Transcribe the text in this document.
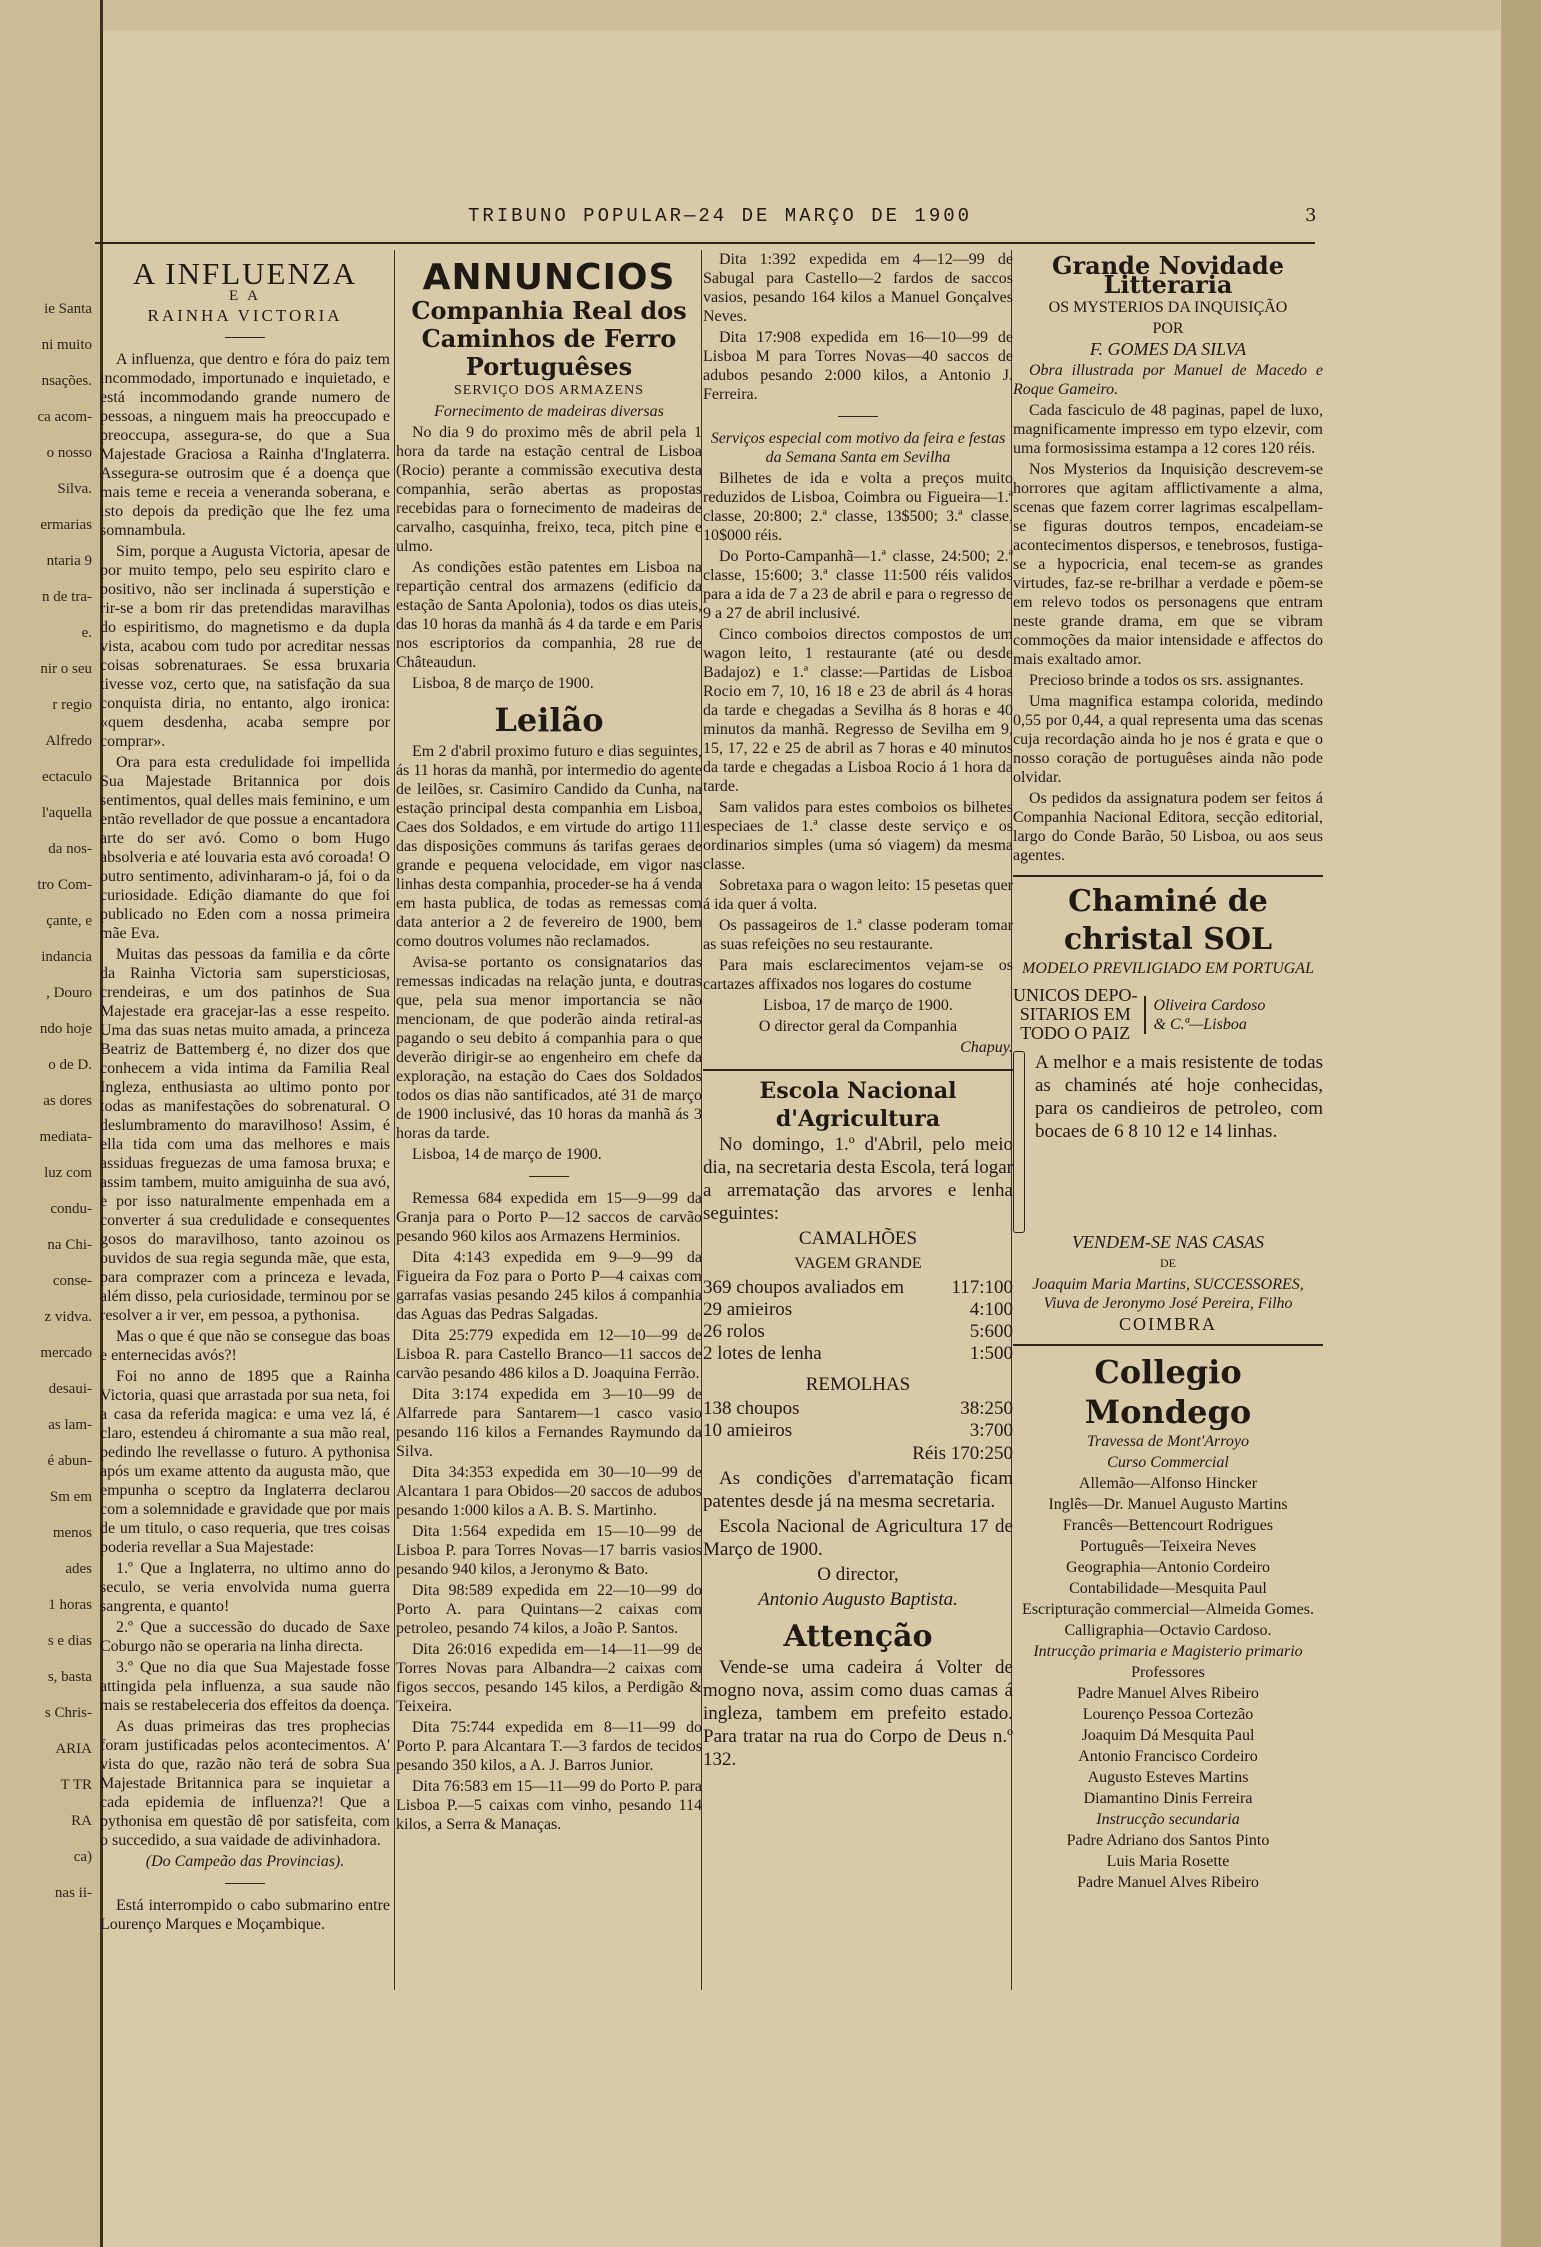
ie Santa
ni muito
nsações.
ca acom-
o nosso
Silva.
ermarias
ntaria 9
n de tra-
e.
nir o seu
r regio
Alfredo
ectaculo
l'aquella
da nos-
tro Com-
çante, e
indancia
, Douro
ndo hoje
o de D.
as dores
mediata-
luz com
condu-
na Chi-
conse-
z vidva.
mercado
desaui-
as lam-
é abun-
Sm em
menos
ades
1 horas
s e dias
s, basta
s Chris-
ARIA
T TR
RA
ca)
nas ii-
TRIBUNO POPULAR—24 DE MARÇO DE 1900	3
A INFLUENZA
E A
RAINHA VICTORIA

A influenza, que dentro e fóra do paiz tem incommodado, importunado e inquietado, e está incommodando grande numero de pessoas, a ninguem mais ha preoccupado e preoccupa, assegura-se, do que a Sua Majestade Graciosa a Rainha d'Inglaterra. Assegura-se outrosim que é a doença que mais teme e receia a veneranda soberana, e isto depois da predição que lhe fez uma somnambula.

Sim, porque a Augusta Victoria, apesar de por muito tempo, pelo seu espirito claro e positivo, não ser inclinada á superstição e rir-se a bom rir das pretendidas maravilhas do espiritismo, do magnetismo e da dupla vista, acabou com tudo por acreditar nessas coisas sobrenaturaes. Se essa bruxaria tivesse voz, certo que, na satisfação da sua conquista diria, no entanto, algo ironica: «quem desdenha, acaba sempre por comprar».

Ora para esta credulidade foi impellida Sua Majestade Britannica por dois sentimentos, qual delles mais feminino, e um então revellador de que possue a encantadora arte do ser avó. Como o bom Hugo absolveria e até louvaria esta avó coroada! O outro sentimento, adivinharam-o já, foi o da curiosidade. Edição diamante do que foi publicado no Eden com a nossa primeira mãe Eva.

Muitas das pessoas da familia e da côrte da Rainha Victoria sam supersticiosas, crendeiras, e um dos patinhos de Sua Majestade era gracejar-las a esse respeito. Uma das suas netas muito amada, a princeza Beatriz de Battemberg é, no dizer dos que conhecem a vida intima da Familia Real Ingleza, enthusiasta ao ultimo ponto por todas as manifestações do sobrenatural. O deslumbramento do maravilhoso! Assim, é ella tida com uma das melhores e mais assiduas freguezas de uma famosa bruxa; e assim tambem, muito amiguinha de sua avó, e por isso naturalmente empenhada em a converter á sua credulidade e consequentes gosos do maravilhoso, tanto azoinou os ouvidos de sua regia segunda mãe, que esta, para comprazer com a princeza e levada, além disso, pela curiosidade, terminou por se resolver a ir ver, em pessoa, a pythonisa.

Mas o que é que não se consegue das boas e enternecidas avós?!

Foi no anno de 1895 que a Rainha Victoria, quasi que arrastada por sua neta, foi a casa da referida magica: e uma vez lá, é claro, estendeu á chiromante a sua mão real, pedindo lhe revellasse o futuro. A pythonisa após um exame attento da augusta mão, que empunha o sceptro da Inglaterra declarou com a solemnidade e gravidade que por mais de um titulo, o caso requeria, que tres coisas poderia revellar a Sua Majestade:

1.º Que a Inglaterra, no ultimo anno do seculo, se veria envolvida numa guerra sangrenta, e quanto!

2.º Que a successão do ducado de Saxe Coburgo não se operaria na linha directa.

3.º Que no dia que Sua Majestade fosse attingida pela influenza, a sua saude não mais se restabeleceria dos effeitos da doença.

As duas primeiras das tres prophecias foram justificadas pelos acontecimentos. A' vista do que, razão não terá de sobra Sua Majestade Britannica para se inquietar a cada epidemia de influenza?! Que a pythonisa em questão dê por satisfeita, com o succedido, a sua vaidade de adivinhadora.

(Do Campeão das Provincias).

Está interrompido o cabo submarino entre Lourenço Marques e Moçambique.

ANNUNCIOS
Companhia Real dos Caminhos de Ferro Portuguêses

SERVIÇO DOS ARMAZENS

Fornecimento de madeiras diversas

No dia 9 do proximo mês de abril pela 1 hora da tarde na estação central de Lisboa (Rocio) perante a commissão executiva desta companhia, serão abertas as propostas recebidas para o fornecimento de madeiras de carvalho, casquinha, freixo, teca, pitch pine e ulmo.

As condições estão patentes em Lisboa na repartição central dos armazens (edificio da estação de Santa Apolonia), todos os dias uteis, das 10 horas da manhã ás 4 da tarde e em Paris nos escriptorios da companhia, 28 rue de Châteaudun.

Lisboa, 8 de março de 1900.

Leilão

Em 2 d'abril proximo futuro e dias seguintes, ás 11 horas da manhã, por intermedio do agente de leilões, sr. Casimiro Candido da Cunha, na estação principal desta companhia em Lisboa, Caes dos Soldados, e em virtude do artigo 111 das disposições communs ás tarifas geraes de grande e pequena velocidade, em vigor nas linhas desta companhia, proceder-se ha á venda em hasta publica, de todas as remessas com data anterior a 2 de fevereiro de 1900, bem como doutros volumes não reclamados.

Avisa-se portanto os consignatarios das remessas indicadas na relação junta, e doutras que, pela sua menor importancia se não mencionam, de que poderão ainda retiral-as pagando o seu debito á companhia para o que deverão dirigir-se ao engenheiro em chefe da exploração, na estação do Caes dos Soldados todos os dias não santificados, até 31 de março de 1900 inclusivé, das 10 horas da manhã ás 3 horas da tarde.

Lisboa, 14 de março de 1900.

Remessa 684 expedida em 15—9—99 da Granja para o Porto P—12 saccos de carvão pesando 960 kilos aos Armazens Herminios.

Dita 4:143 expedida em 9—9—99 da Figueira da Foz para o Porto P—4 caixas com garrafas vasias pesando 245 kilos á companhia das Aguas das Pedras Salgadas.

Dita 25:779 expedida em 12—10—99 de Lisboa R. para Castello Branco—11 saccos de carvão pesando 486 kilos a D. Joaquina Ferrão.

Dita 3:174 expedida em 3—10—99 de Alfarrede para Santarem—1 casco vasio pesando 116 kilos a Fernandes Raymundo da Silva.

Dita 34:353 expedida em 30—10—99 de Alcantara 1 para Obidos—20 saccos de adubos pesando 1:000 kilos a A. B. S. Martinho.

Dita 1:564 expedida em 15—10—99 de Lisboa P. para Torres Novas—17 barris vasios pesando 940 kilos, a Jeronymo & Bato.

Dita 98:589 expedida em 22—10—99 do Porto A. para Quintans—2 caixas com petroleo, pesando 74 kilos, a João P. Santos.

Dita 26:016 expedida em—14—11—99 de Torres Novas para Albandra—2 caixas com figos seccos, pesando 145 kilos, a Perdigão & Teixeira.

Dita 75:744 expedida em 8—11—99 do Porto P. para Alcantara T.—3 fardos de tecidos pesando 350 kilos, a A. J. Barros Junior.

Dita 76:583 em 15—11—99 do Porto P. para Lisboa P.—5 caixas com vinho, pesando 114 kilos, a Serra & Manaças.

Dita 1:392 expedida em 4—12—99 de Sabugal para Castello—2 fardos de saccos vasios, pesando 164 kilos a Manuel Gonçalves Neves.

Dita 17:908 expedida em 16—10—99 de Lisboa M para Torres Novas—40 saccos de adubos pesando 2:000 kilos, a Antonio J. Ferreira.

Serviços especial com motivo da feira e festas da Semana Santa em Sevilha

Bilhetes de ida e volta a preços muito reduzidos de Lisboa, Coimbra ou Figueira—1.ª classe, 20:800; 2.ª classe, 13$500; 3.ª classe, 10$000 réis.

Do Porto-Campanhã—1.ª classe, 24:500; 2.ª classe, 15:600; 3.ª classe 11:500 réis validos para a ida de 7 a 23 de abril e para o regresso de 9 a 27 de abril inclusivé.

Cinco comboios directos compostos de um wagon leito, 1 restaurante (até ou desde Badajoz) e 1.ª classe:—Partidas de Lisboa Rocio em 7, 10, 16 18 e 23 de abril ás 4 horas da tarde e chegadas a Sevilha ás 8 horas e 40 minutos da manhã. Regresso de Sevilha em 9, 15, 17, 22 e 25 de abril as 7 horas e 40 minutos da tarde e chegadas a Lisboa Rocio á 1 hora da tarde.

Sam validos para estes comboios os bilhetes especiaes de 1.ª classe deste serviço e os ordinarios simples (uma só viagem) da mesma classe.

Sobretaxa para o wagon leito: 15 pesetas quer á ida quer á volta.

Os passageiros de 1.ª classe poderam tomar as suas refeições no seu restaurante.

Para mais esclarecimentos vejam-se os cartazes affixados nos logares do costume

Lisboa, 17 de março de 1900.

O director geral da Companhia

Chapuy.

Escola Nacional d'Agricultura

No domingo, 1.º d'Abril, pelo meio dia, na secretaria desta Escola, terá logar a arrematação das arvores e lenha seguintes:

CAMALHÕES

VAGEM GRANDE

369 choupos avaliados em	117:100
29 amieiros	4:100
26 rolos	5:600
2 lotes de lenha	1:500

REMOLHAS

138 choupos	38:250
10 amieiros	3:700

Réis 170:250

As condições d'arrematação ficam patentes desde já na mesma secretaria.

Escola Nacional de Agricultura 17 de Março de 1900.

O director,

Antonio Augusto Baptista.

Attenção

Vende-se uma cadeira á Volter de mogno nova, assim como duas camas á ingleza, tambem em prefeito estado. Para tratar na rua do Corpo de Deus n.º 132.

Grande Novidade Litteraria

OS MYSTERIOS DA INQUISIÇÃO

POR

F. GOMES DA SILVA

Obra illustrada por Manuel de Macedo e Roque Gameiro.

Cada fasciculo de 48 paginas, papel de luxo, magnificamente impresso em typo elzevir, com uma formosissima estampa a 12 cores 120 réis.

Nos Mysterios da Inquisição descrevem-se horrores que agitam afflictivamente a alma, scenas que fazem correr lagrimas escalpellam-se figuras doutros tempos, encadeiam-se acontecimentos dispersos, e tenebrosos, fustiga-se a hypocricia, enal tecem-se as grandes virtudes, faz-se re-brilhar a verdade e põem-se em relevo todos os personagens que entram neste grande drama, em que se vibram commoções da maior intensidade e affectos do mais exaltado amor.

Precioso brinde a todos os srs. assignantes.

Uma magnifica estampa colorida, medindo 0,55 por 0,44, a qual representa uma das scenas cuja recordação ainda ho je nos é grata e que o nosso coração de portuguêses ainda não pode olvidar.

Os pedidos da assignatura podem ser feitos á Companhia Nacional Editora, secção editorial, largo do Conde Barão, 50 Lisboa, ou aos seus agentes.

Chaminé de christal SOL

MODELO PREVILIGIADO EM PORTUGAL

UNICOS DEPO-
SITARIOS EM
TODO O PAIZ
Oliveira Cardoso
& C.ª—Lisboa

A melhor e a mais resistente de todas as chaminés até hoje conhecidas, para os candieiros de petroleo, com bocaes de 6 8 10 12 e 14 linhas.

VENDEM-SE NAS CASAS

DE

Joaquim Maria Martins, SUCCESSORES, Viuva de Jeronymo José Pereira, Filho

COIMBRA

Collegio Mondego

Travessa de Mont'Arroyo

Curso Commercial

Allemão—Alfonso Hincker

Inglês—Dr. Manuel Augusto Martins

Francês—Bettencourt Rodrigues

Português—Teixeira Neves

Geographia—Antonio Cordeiro

Contabilidade—Mesquita Paul

Escripturação commercial—Almeida Gomes.

Calligraphia—Octavio Cardoso.

Intrucção primaria e Magisterio primario

Professores

Padre Manuel Alves Ribeiro

Lourenço Pessoa Cortezão

Joaquim Dá Mesquita Paul

Antonio Francisco Cordeiro

Augusto Esteves Martins

Diamantino Dinis Ferreira

Instrucção secundaria

Padre Adriano dos Santos Pinto

Luis Maria Rosette

Padre Manuel Alves Ribeiro
